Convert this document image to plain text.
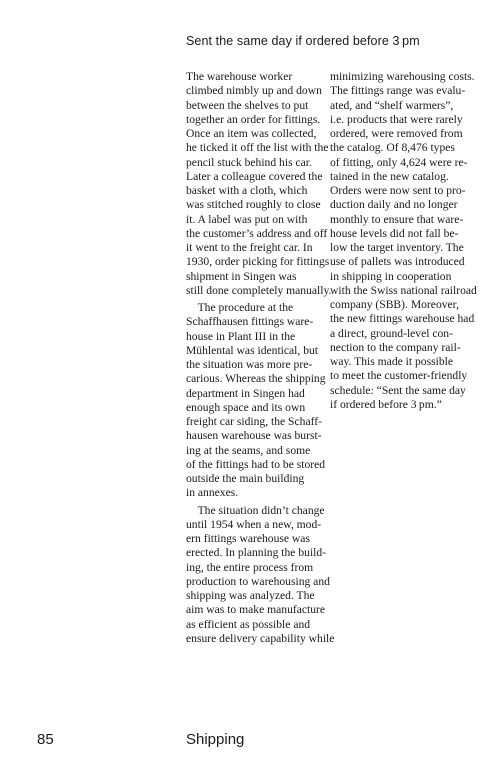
Sent the same day if ordered before 3 pm
The warehouse worker
climbed nimbly up and down
between the shelves to put
together an order for fittings.
Once an item was collected,
he ticked it off the list with the
pencil stuck behind his car.
Later a colleague covered the
basket with a cloth, which
was stitched roughly to close
it. A label was put on with
the customer’s address and off
it went to the freight car. In
1930, order picking for fittings
shipment in Singen was
still done completely manually.
 The procedure at the
Schaffhausen fittings ware-
house in Plant III in the
Mühlental was identical, but
the situation was more pre-
carious. Whereas the shipping
department in Singen had
enough space and its own
freight car siding, the Schaff-
hausen warehouse was burst-
ing at the seams, and some
of the fittings had to be stored
outside the main building
in annexes.
 The situation didn’t change
until 1954 when a new, mod-
ern fittings warehouse was
erected. In planning the build-
ing, the entire process from
production to warehousing and
shipping was analyzed. The
aim was to make manufacture
as efficient as possible and
ensure delivery capability while
minimizing warehousing costs.
The fittings range was evalu-
ated, and “shelf warmers”,
i.e. products that were rarely
ordered, were removed from
the catalog. Of 8,476 types
of fitting, only 4,624 were re-
tained in the new catalog.
Orders were now sent to pro-
duction daily and no longer
monthly to ensure that ware-
house levels did not fall be-
low the target inventory. The
use of pallets was introduced
in shipping in cooperation
with the Swiss national railroad
company (SBB). Moreover,
the new fittings warehouse had
a direct, ground-level con-
nection to the company rail-
way. This made it possible
to meet the customer-friendly
schedule: “Sent the same day
if ordered before 3 pm.”
85	Shipping
